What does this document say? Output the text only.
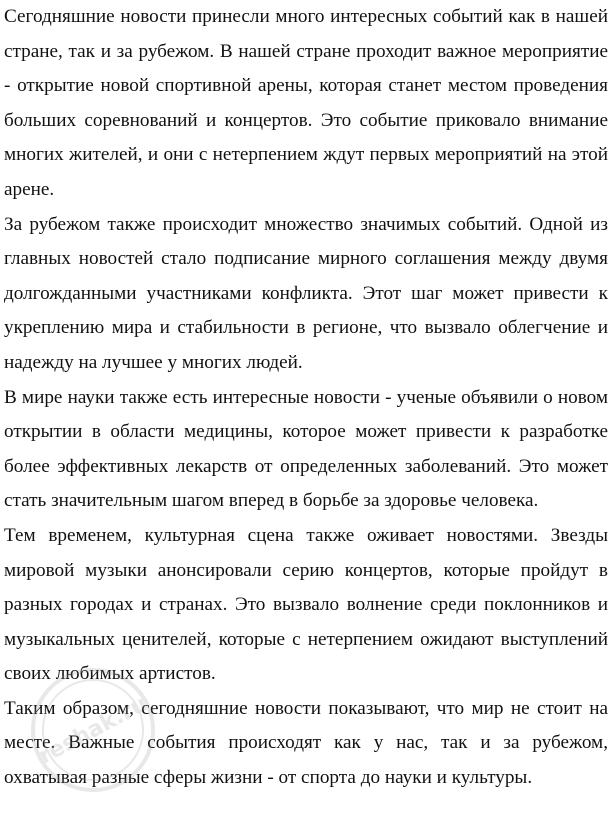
Сегодняшние новости принесли много интересных событий как в нашей стране, так и за рубежом. В нашей стране проходит важное мероприятие - открытие новой спортивной арены, которая станет местом проведения больших соревнований и концертов. Это событие приковало внимание многих жителей, и они с нетерпением ждут первых мероприятий на этой арене.

За рубежом также происходит множество значимых событий. Одной из главных новостей стало подписание мирного соглашения между двумя долгожданными участниками конфликта. Этот шаг может привести к укреплению мира и стабильности в регионе, что вызвало облегчение и надежду на лучшее у многих людей.

В мире науки также есть интересные новости - ученые объявили о новом открытии в области медицины, которое может привести к разработке более эффективных лекарств от определенных заболеваний. Это может стать значительным шагом вперед в борьбе за здоровье человека.

Тем временем, культурная сцена также оживает новостями. Звезды мировой музыки анонсировали серию концертов, которые пройдут в разных городах и странах. Это вызвало волнение среди поклонников и музыкальных ценителей, которые с нетерпением ожидают выступлений своих любимых артистов.

Таким образом, сегодняшние новости показывают, что мир не стоит на месте. Важные события происходят как у нас, так и за рубежом, охватывая разные сферы жизни - от спорта до науки и культуры.

reshak.ru
